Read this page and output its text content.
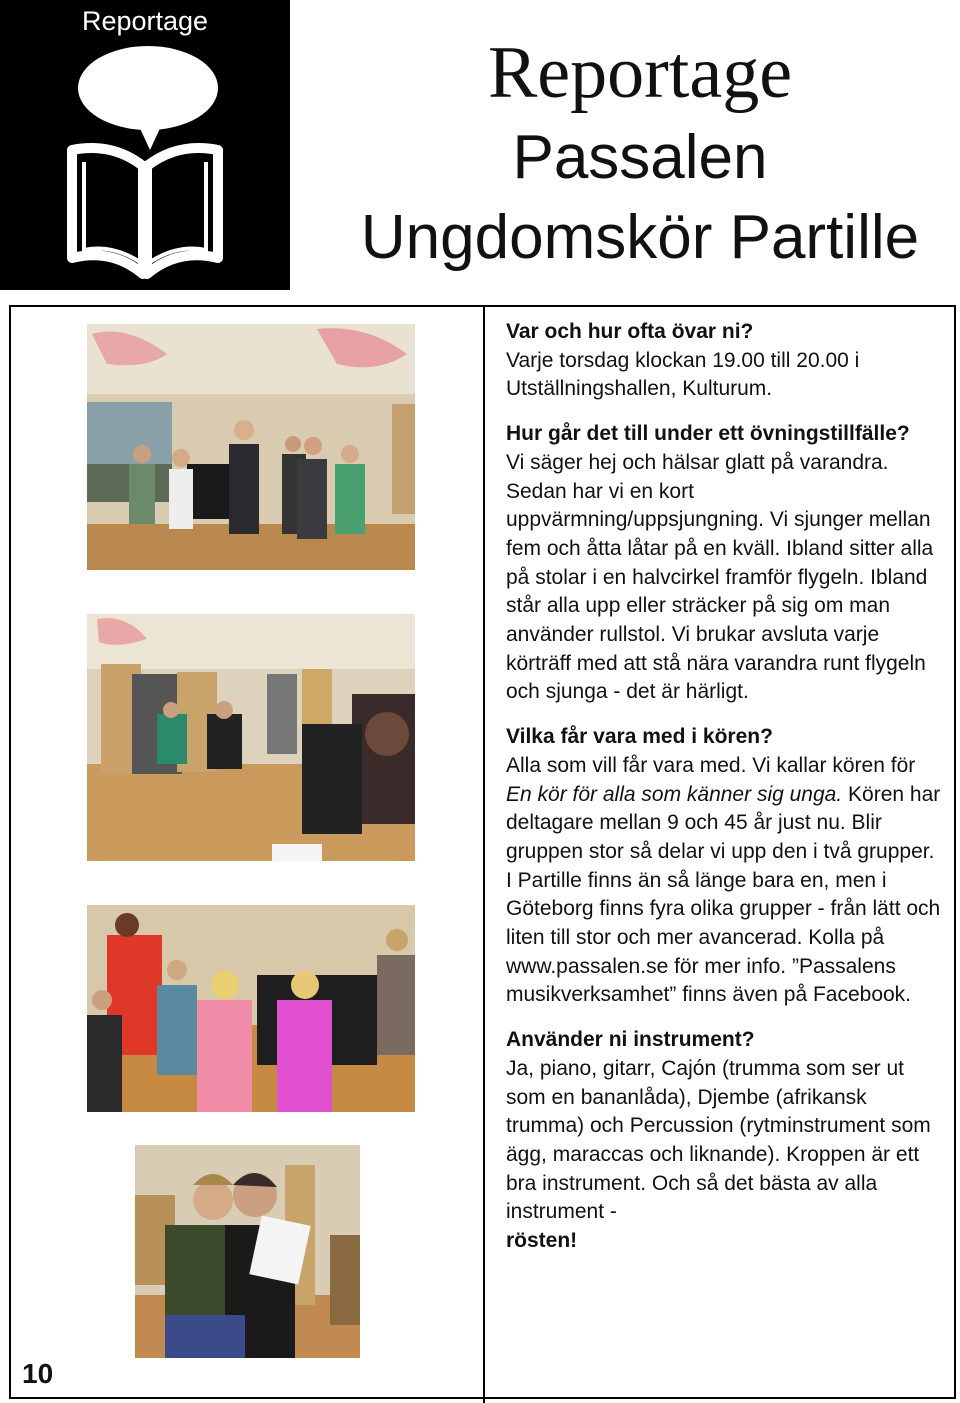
Reportage
Reportage
Passalen
Ungdomskör Partille
10
Var och hur ofta övar ni?
Varje torsdag klockan 19.00 till 20.00 i Utställningshallen, Kulturum.
Hur går det till under ett övningstillfälle?
Vi säger hej och hälsar glatt på varandra. Sedan har vi en kort uppvärmning/uppsjungning. Vi sjunger mellan fem och åtta låtar på en kväll. Ibland sitter alla på stolar i en halvcirkel framför flygeln. Ibland står alla upp eller sträcker på sig om man använder rullstol. Vi brukar avsluta varje körträff med att stå nära varandra runt flygeln och sjunga - det är härligt.
Vilka får vara med i kören?
Alla som vill får vara med. Vi kallar kören för En kör för alla som känner sig unga. Kören har deltagare mellan 9 och 45 år just nu. Blir gruppen stor så delar vi upp den i två grupper. I Partille finns än så länge bara en, men i Göteborg finns fyra olika grupper - från lätt och liten till stor och mer avancerad. Kolla på www.passalen.se för mer info. ”Passalens musikverksamhet” finns även på Facebook.
Använder ni instrument?
Ja, piano, gitarr, Cajón (trumma som ser ut som en bananlåda), Djembe (afrikansk trumma) och Percussion (rytminstrument som ägg, maraccas och liknande). Kroppen är ett bra instrument. Och så det bästa av alla instrument -
rösten!
